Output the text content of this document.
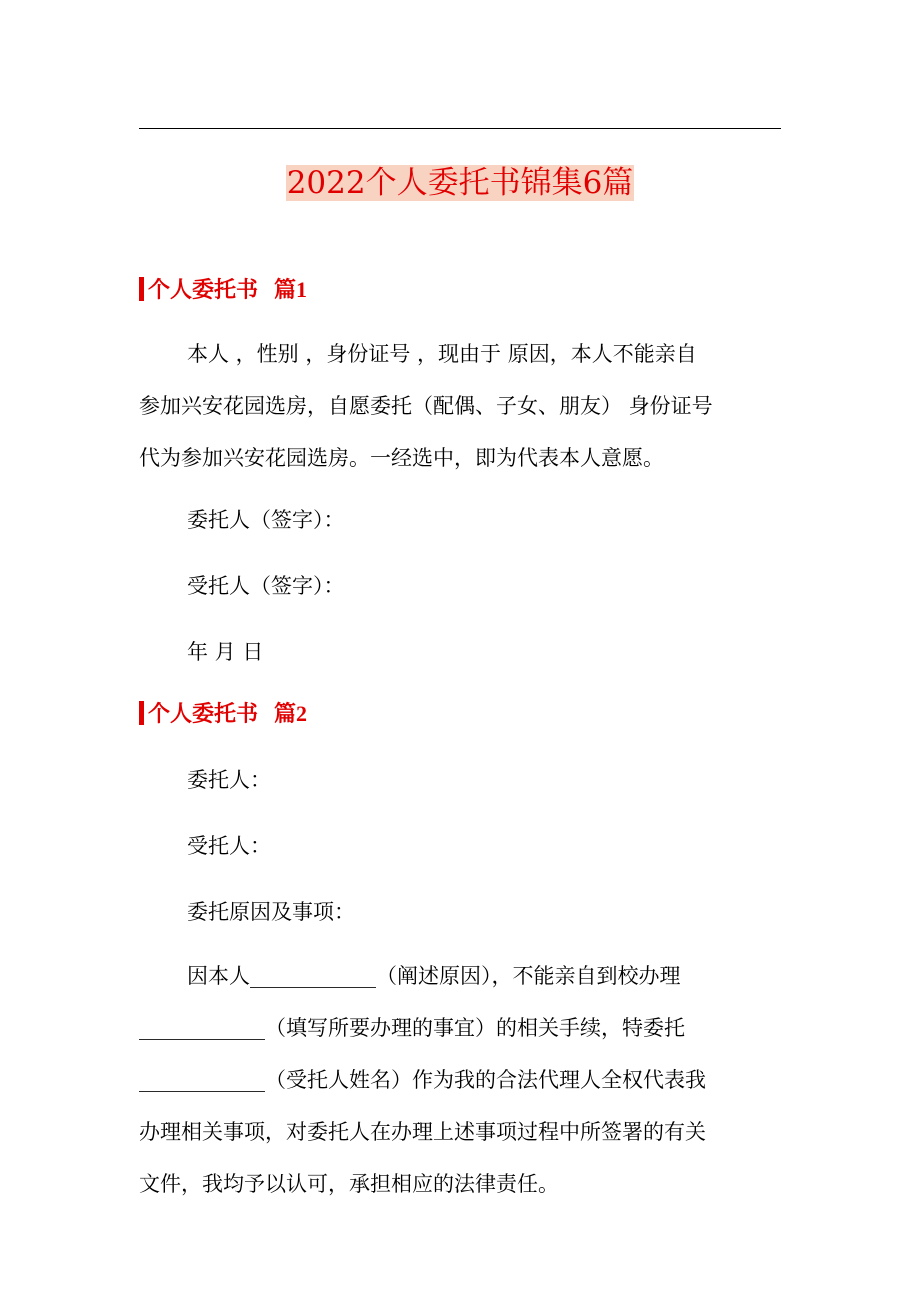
2022个人委托书锦集6篇
个人委托书 篇1
本人 ，性别 ，身份证号 ，现由于 原因，本人不能亲自
参加兴安花园选房，自愿委托（配偶、子女、朋友） 身份证号
代为参加兴安花园选房。一经选中，即为代表本人意愿。
委托人（签字）：
受托人（签字）：
年 月 日
个人委托书 篇2
委托人：
受托人：
委托原因及事项：
因本人____________（阐述原因），不能亲自到校办理
____________（填写所要办理的事宜）的相关手续，特委托
____________（受托人姓名）作为我的合法代理人全权代表我
办理相关事项，对委托人在办理上述事项过程中所签署的有关
文件，我均予以认可，承担相应的法律责任。
